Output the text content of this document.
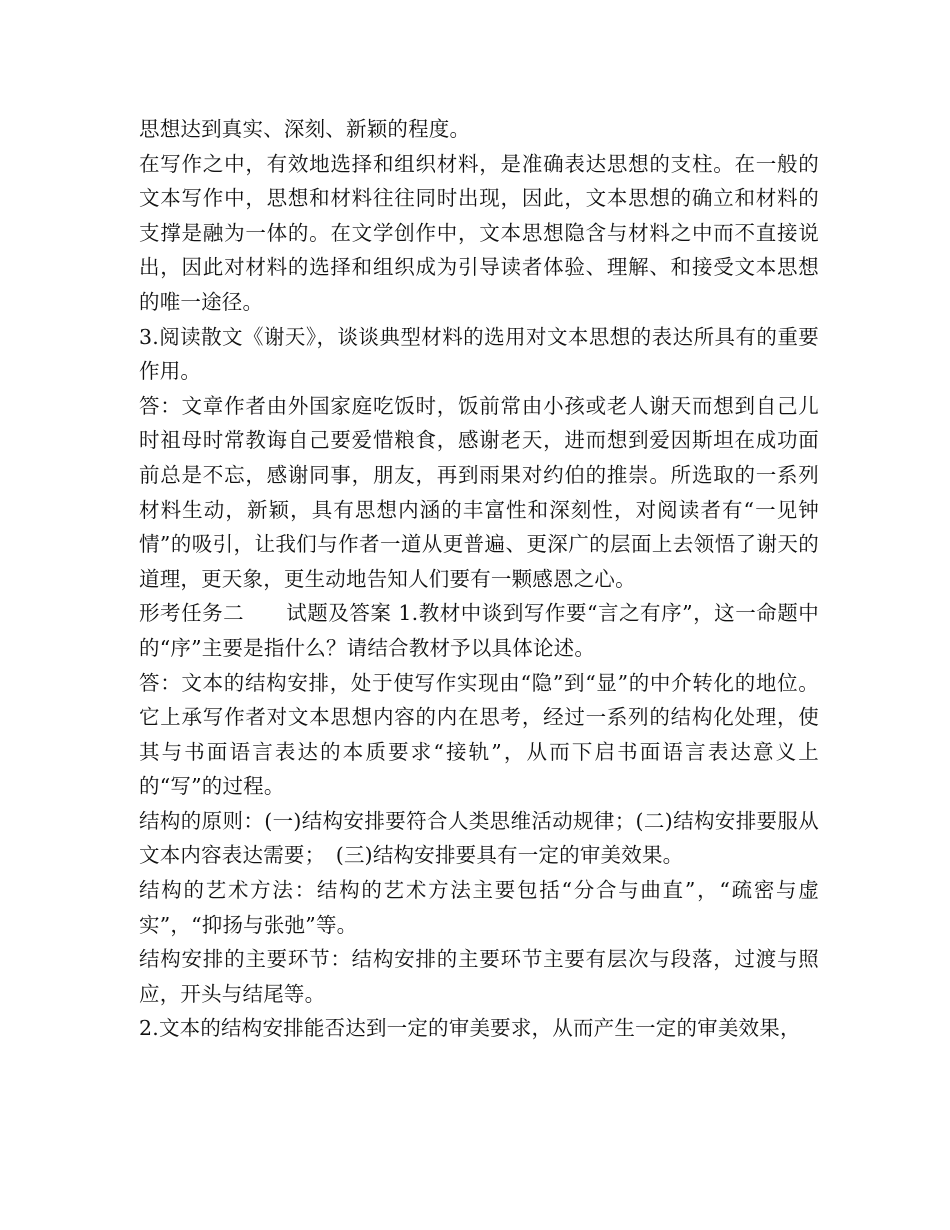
思想达到真实、深刻、新颖的程度。

在写作之中，有效地选择和组织材料，是准确表达思想的支柱。在一般的文本写作中，思想和材料往往同时出现，因此，文本思想的确立和材料的支撑是融为一体的。在文学创作中，文本思想隐含与材料之中而不直接说出，因此对材料的选择和组织成为引导读者体验、理解、和接受文本思想的唯一途径。

3.阅读散文《谢天》，谈谈典型材料的选用对文本思想的表达所具有的重要作用。

答：文章作者由外国家庭吃饭时，饭前常由小孩或老人谢天而想到自己儿时祖母时常教诲自己要爱惜粮食，感谢老天，进而想到爱因斯坦在成功面前总是不忘，感谢同事，朋友，再到雨果对约伯的推崇。所选取的一系列材料生动，新颖，具有思想内涵的丰富性和深刻性，对阅读者有“一见钟情”的吸引，让我们与作者一道从更普遍、更深广的层面上去领悟了谢天的道理，更天象，更生动地告知人们要有一颗感恩之心。

形考任务二　　试题及答案 1.教材中谈到写作要“言之有序”，这一命题中的“序”主要是指什么？请结合教材予以具体论述。

答：文本的结构安排，处于使写作实现由“隐”到“显”的中介转化的地位。它上承写作者对文本思想内容的内在思考，经过一系列的结构化处理，使其与书面语言表达的本质要求“接轨”，从而下启书面语言表达意义上的“写”的过程。

结构的原则：(一)结构安排要符合人类思维活动规律；(二)结构安排要服从文本内容表达需要；　(三)结构安排要具有一定的审美效果。

结构的艺术方法：结构的艺术方法主要包括“分合与曲直”，“疏密与虚实”，“抑扬与张弛”等。

结构安排的主要环节：结构安排的主要环节主要有层次与段落，过渡与照应，开头与结尾等。

2.文本的结构安排能否达到一定的审美要求，从而产生一定的审美效果，
